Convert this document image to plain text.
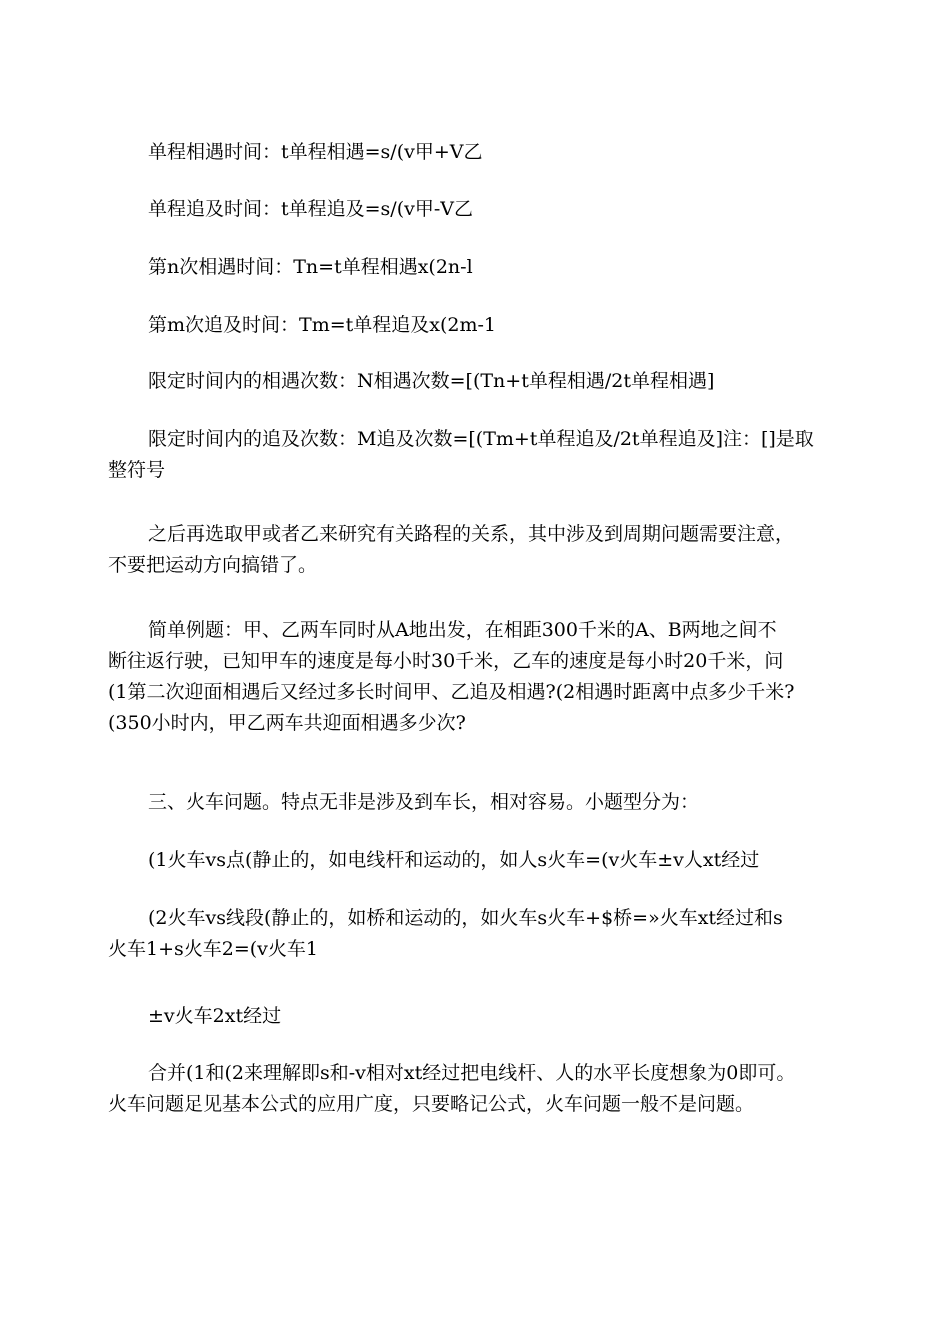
单程相遇时间：t单程相遇=s/(v甲+V乙
单程追及时间：t单程追及=s/(v甲-V乙
第n次相遇时间：Tn=t单程相遇x(2n-l
第m次追及时间：Tm=t单程追及x(2m-1
限定时间内的相遇次数：N相遇次数=[(Tn+t单程相遇/2t单程相遇]
限定时间内的追及次数：M追及次数=[(Tm+t单程追及/2t单程追及]注：[]是取
整符号
之后再选取甲或者乙来研究有关路程的关系，其中涉及到周期问题需要注意，
不要把运动方向搞错了。
简单例题：甲、乙两车同时从A地出发，在相距300千米的A、B两地之间不
断往返行驶，已知甲车的速度是每小时30千米，乙车的速度是每小时20千米，问
(1第二次迎面相遇后又经过多长时间甲、乙追及相遇?(2相遇时距离中点多少千米?
(350小时内，甲乙两车共迎面相遇多少次?
三、火车问题。特点无非是涉及到车长，相对容易。小题型分为：
(1火车vs点(静止的，如电线杆和运动的，如人s火车=(v火车±v人xt经过
(2火车vs线段(静止的，如桥和运动的，如火车s火车+$桥=»火车xt经过和s
火车1+s火车2=(v火车1
±v火车2xt经过
合并(1和(2来理解即s和-v相对xt经过把电线杆、人的水平长度想象为0即可。
火车问题足见基本公式的应用广度，只要略记公式，火车问题一般不是问题。
